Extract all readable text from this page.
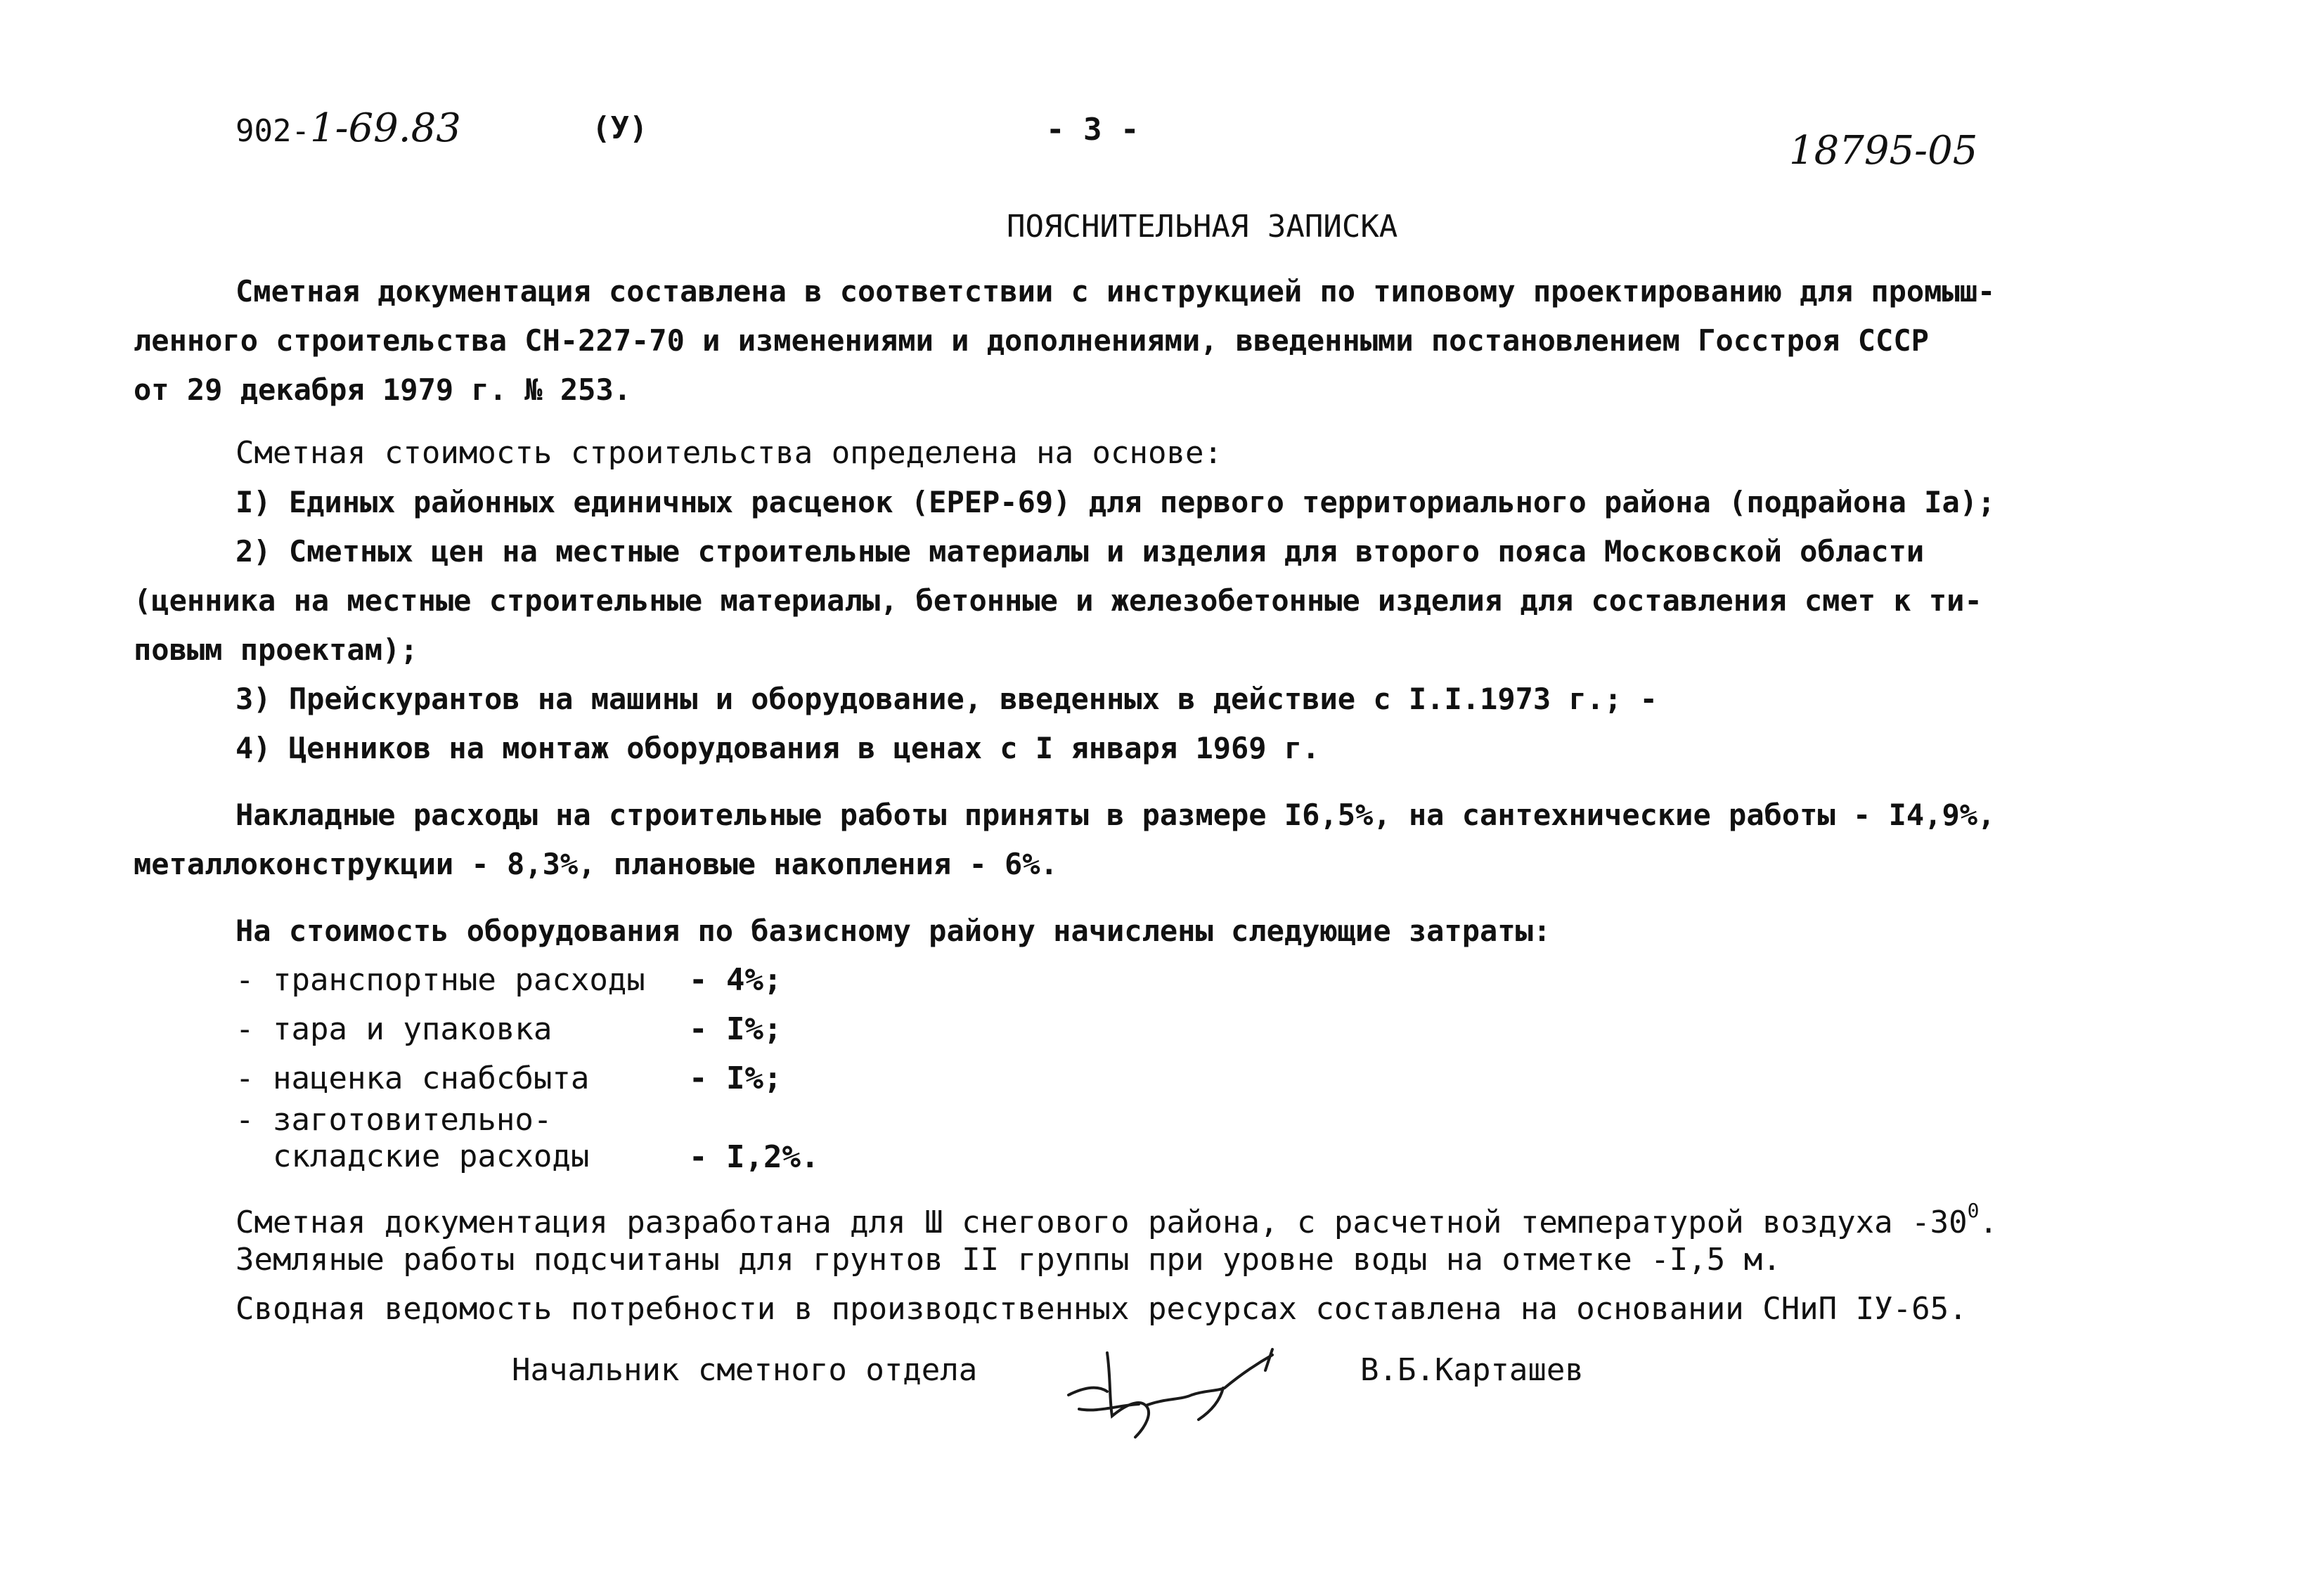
902-1-69.83	(У)	- 3 -	18795-05
ПОЯСНИТЕЛЬНАЯ ЗАПИСКА
Сметная документация составлена в соответствии с инструкцией по типовому проектированию для промыш-
ленного строительства СН-227-70 и изменениями и дополнениями, введенными постановлением Госстроя СССР
от 29 декабря 1979 г. № 253.
Сметная стоимость строительства определена на основе:
I) Единых районных единичных расценок (ЕРЕР-69) для первого территориального района (подрайона Iа);
2) Сметных цен на местные строительные материалы и изделия для второго пояса Московской области
(ценника на местные строительные материалы, бетонные и железобетонные изделия для составления смет к ти-
повым проектам);
3) Прейскурантов на машины и оборудование, введенных в действие с I.I.1973 г.; -
4) Ценников на монтаж оборудования в ценах с I января 1969 г.
Накладные расходы на строительные работы приняты в размере I6,5%, на сантехнические работы - I4,9%,
металлоконструкции - 8,3%, плановые накопления - 6%.
На стоимость оборудования по базисному району начислены следующие затраты:
- транспортные расходы - 4%;
- тара и упаковка	- I%;
- наценка снабсбыта	- I%;
- заготовительно-
складские расходы	- I,2%.
Сметная документация разработана для Ш снегового района, с расчетной температурой воздуха $-30^0$.
Земляные работы подсчитаны для грунтов II группы при уровне воды на отметке -I,5 м.
Сводная ведомость потребности в производственных ресурсах составлена на основании СНиП IУ-65.
Начальник сметного отдела	В.Б.Карташев
